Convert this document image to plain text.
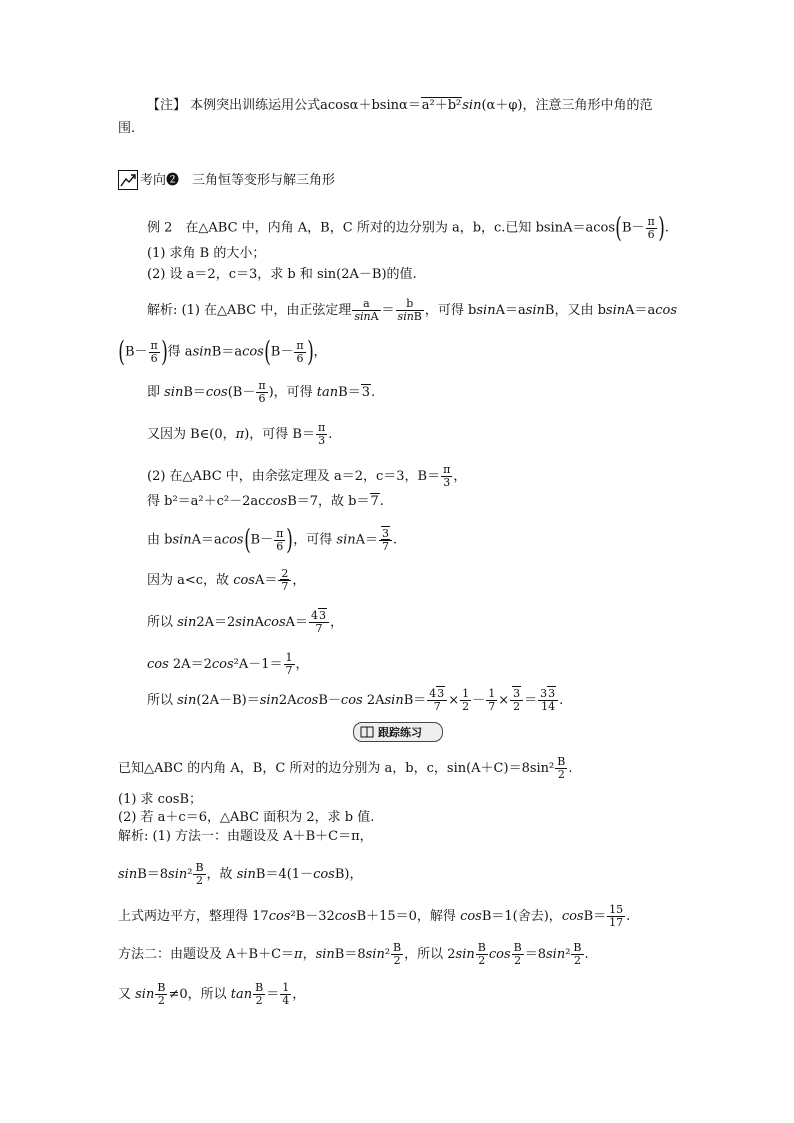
【注】 本例突出训练运用公式acosα＋bsinα＝a²＋b²sin(α＋φ)，注意三角形中角的范
围.
考向❷　三角恒等变形与解三角形
例 2　在△ABC 中，内角 A，B，C 所对的边分别为 a，b，c.已知 $bsinA=acos(B- \frac{\pi}{6}$ ).
(1) 求角 B 的大小；
(2) 设 a＝2，c＝3，求 b 和 sin(2A－B)的值.
解析: (1) 在△ABC 中，由正弦定理 $\frac{a}{\sin A} = \frac{b}{\sin B}$ ，可得 bsinA＝asinB，又由 bsinA＝acos
($B- \frac{\pi}{6}$ )得 $asinB=acos(B- \frac{\pi}{6}$ )，
即 $\sin B=\cos(B- \frac{\pi}{6}$ )，可得 tanB＝3.
又因为 B∈(0，π)，可得 $B= \frac{\pi}{3}$ .
(2) 在△ABC 中，由余弦定理及 a＝2，c＝3，$B= \frac{\pi}{3}$ ，
得 b²＝a²＋c²－2accosB＝7，故 b＝7.
由 $bsinA=acos(B- \frac{\pi}{6}$ )，可得 $\sin A= \frac{3}{7}$ .
因为 a<c，故 $\cos A= \frac{2}{7}$ ，
所以 sin2A＝2sinAcosA＝ $\frac{43}{7}$ ，
$\cos 2A=2\cos^2A-1= \frac{1}{7}$ ，
所以 sin(2A－B)＝sin2AcosB－cos $2AsinB= \frac{43}{7} \times \frac{1}{2} - \frac{1}{7} \times \frac{3}{2} = \frac{33}{14}$ .
跟踪练习
已知△ABC 的内角 A，B，C 所对的边分别为 a，b，c，$\sin(A+C)=8\sin^2 \frac{B}{2}$ .
(1) 求 cosB；
(2) 若 a＋c＝6，△ABC 面积为 2，求 b 值.
解析: (1) 方法一：由题设及 A＋B＋C＝π，
$\sin B=8\sin^2 \frac{B}{2}$ ，故 sinB＝4(1－cosB)，
上式两边平方，整理得 17cos²B－32cosB＋15＝0，解得 cosB＝1(舍去)，$\cos B= \frac{15}{17}$ .
方法二：由题设及 A＋B＋C＝π，$\sin B=8\sin^2 \frac{B}{2}$ ，所以 $2\sin \frac{B}{2}$ $\cos \frac{B}{2} =8\sin^2 \frac{B}{2}$ .
又 $\sin \frac{B}{2} \ne 0$，所以 $\tan \frac{B}{2} = \frac{1}{4}$ ，
